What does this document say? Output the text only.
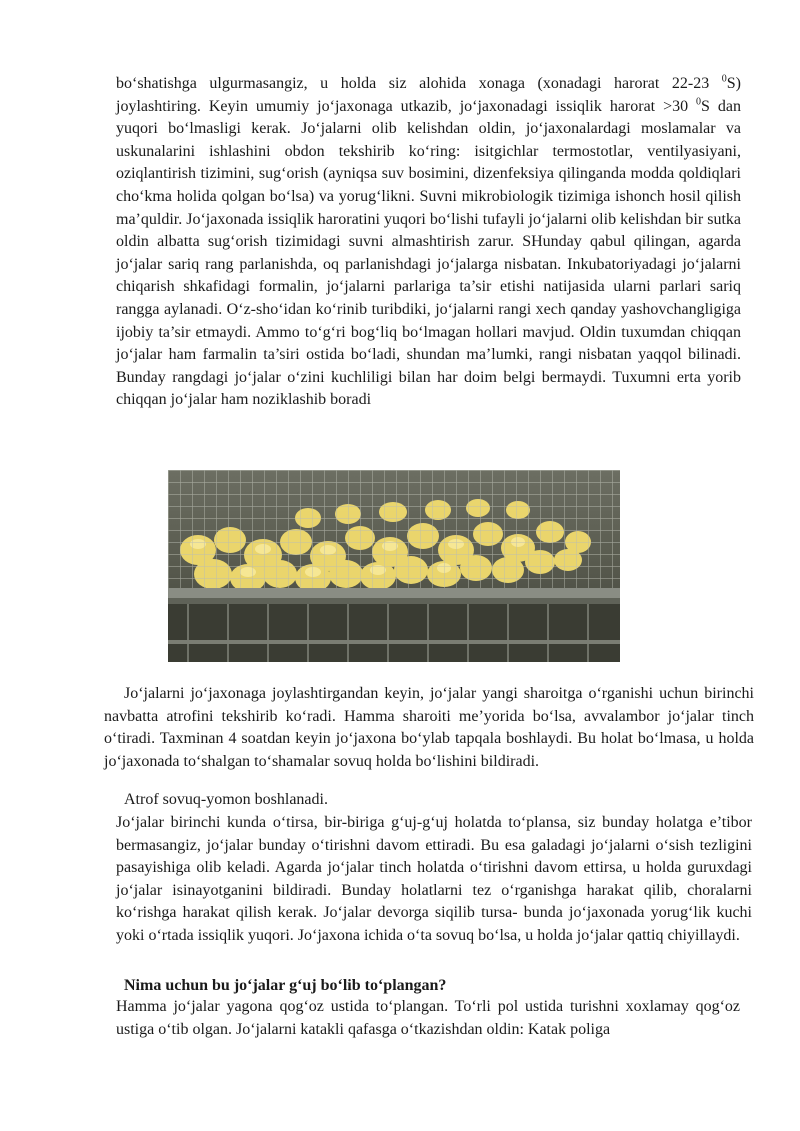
bo‘shatishga ulgurmasangiz, u holda siz alohida xonaga (xonadagi harorat 22-23 $^0$S) joylashtiring. Keyin umumiy jo‘jaxonaga utkazib, jo‘jaxonadagi issiqlik harorat >30 $^0$S dan yuqori bo‘lmasligi kerak. Jo‘jalarni olib kelishdan oldin, jo‘jaxonalardagi moslamalar va uskunalarini ishlashini obdon tekshirib ko‘ring: isitgichlar termostotlar, ventilyasiyani, oziqlantirish tizimini, sug‘orish (ayniqsa suv bosimini, dizenfeksiya qilinganda modda qoldiqlari cho‘kma holida qolgan bo‘lsa) va yorug‘likni. Suvni mikrobiologik tizimiga ishonch hosil qilish ma’quldir. Jo‘jaxonada issiqlik haroratini yuqori bo‘lishi tufayli jo‘jalarni olib kelishdan bir sutka oldin albatta sug‘orish tizimidagi suvni almashtirish zarur. SHunday qabul qilingan, agarda jo‘jalar sariq rang parlanishda, oq parlanishdagi jo‘jalarga nisbatan. Inkubatoriyadagi jo‘jalarni chiqarish shkafidagi formalin, jo‘jalarni parlariga ta’sir etishi natijasida ularni parlari sariq rangga aylanadi. O‘z-sho‘idan ko‘rinib turibdiki, jo‘jalarni rangi xech qanday yashovchangligiga ijobiy ta’sir etmaydi. Ammo to‘g‘ri bog‘liq bo‘lmagan hollari mavjud. Oldin tuxumdan chiqqan jo‘jalar ham farmalin ta’siri ostida bo‘ladi, shundan ma’lumki, rangi nisbatan yaqqol bilinadi. Bunday rangdagi jo‘jalar o‘zini kuchliligi bilan har doim belgi bermaydi. Tuxumni erta yorib chiqqan jo‘jalar ham noziklashib boradi

Jo‘jalarni jo‘jaxonaga joylashtirgandan keyin, jo‘jalar yangi sharoitga o‘rganishi uchun birinchi navbatta atrofini tekshirib ko‘radi. Hamma sharoiti me’yorida bo‘lsa, avvalambor jo‘jalar tinch o‘tiradi. Taxminan 4 soatdan keyin jo‘jaxona bo‘ylab tapqala boshlaydi. Bu holat bo‘lmasa, u holda jo‘jaxonada to‘shalgan to‘shamalar sovuq holda bo‘lishini bildiradi.

Atrof sovuq-yomon boshlanadi.

Jo‘jalar birinchi kunda o‘tirsa, bir-biriga g‘uj-g‘uj holatda to‘plansa, siz bunday holatga e’tibor bermasangiz, jo‘jalar bunday o‘tirishni davom ettiradi. Bu esa galadagi jo‘jalarni o‘sish tezligini pasayishiga olib keladi. Agarda jo‘jalar tinch holatda o‘tirishni davom ettirsa, u holda guruxdagi jo‘jalar isinayotganini bildiradi. Bunday holatlarni tez o‘rganishga harakat qilib, choralarni ko‘rishga harakat qilish kerak. Jo‘jalar devorga siqilib tursa- bunda jo‘jaxonada yorug‘lik kuchi yoki o‘rtada issiqlik yuqori. Jo‘jaxona ichida o‘ta sovuq bo‘lsa, u holda jo‘jalar qattiq chiyillaydi.

Nima uchun bu jo‘jalar g‘uj bo‘lib to‘plangan?

Hamma jo‘jalar yagona qog‘oz ustida to‘plangan. To‘rli pol ustida turishni xoxlamay qog‘oz ustiga o‘tib olgan. Jo‘jalarni katakli qafasga o‘tkazishdan oldin: Katak poliga
